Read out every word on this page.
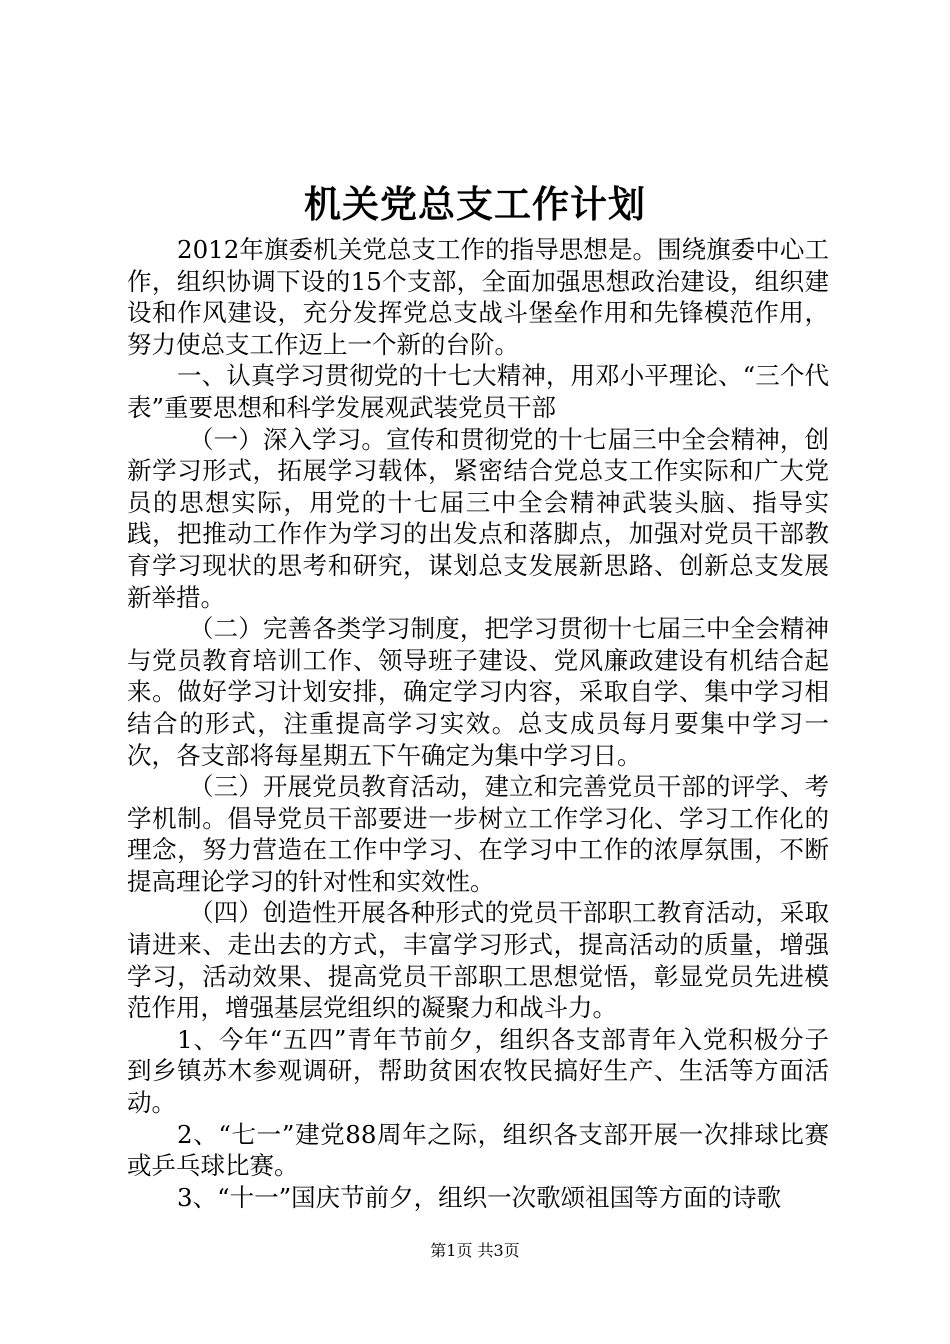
机关党总支工作计划

2012年旗委机关党总支工作的指导思想是。围绕旗委中心工作，组织协调下设的15个支部，全面加强思想政治建设，组织建设和作风建设，充分发挥党总支战斗堡垒作用和先锋模范作用，努力使总支工作迈上一个新的台阶。

一、认真学习贯彻党的十七大精神，用邓小平理论、“三个代表”重要思想和科学发展观武装党员干部

（一）深入学习。宣传和贯彻党的十七届三中全会精神，创新学习形式，拓展学习载体，紧密结合党总支工作实际和广大党员的思想实际，用党的十七届三中全会精神武装头脑、指导实践，把推动工作作为学习的出发点和落脚点，加强对党员干部教育学习现状的思考和研究，谋划总支发展新思路、创新总支发展新举措。

（二）完善各类学习制度，把学习贯彻十七届三中全会精神与党员教育培训工作、领导班子建设、党风廉政建设有机结合起来。做好学习计划安排，确定学习内容，采取自学、集中学习相结合的形式，注重提高学习实效。总支成员每月要集中学习一次，各支部将每星期五下午确定为集中学习日。

（三）开展党员教育活动，建立和完善党员干部的评学、考学机制。倡导党员干部要进一步树立工作学习化、学习工作化的理念，努力营造在工作中学习、在学习中工作的浓厚氛围，不断提高理论学习的针对性和实效性。

（四）创造性开展各种形式的党员干部职工教育活动，采取请进来、走出去的方式，丰富学习形式，提高活动的质量，增强学习，活动效果、提高党员干部职工思想觉悟，彰显党员先进模范作用，增强基层党组织的凝聚力和战斗力。

1、今年“五四”青年节前夕，组织各支部青年入党积极分子到乡镇苏木参观调研，帮助贫困农牧民搞好生产、生活等方面活动。

2、“七一”建党88周年之际，组织各支部开展一次排球比赛或乒乓球比赛。

3、“十一”国庆节前夕，组织一次歌颂祖国等方面的诗歌

第1页 共3页
